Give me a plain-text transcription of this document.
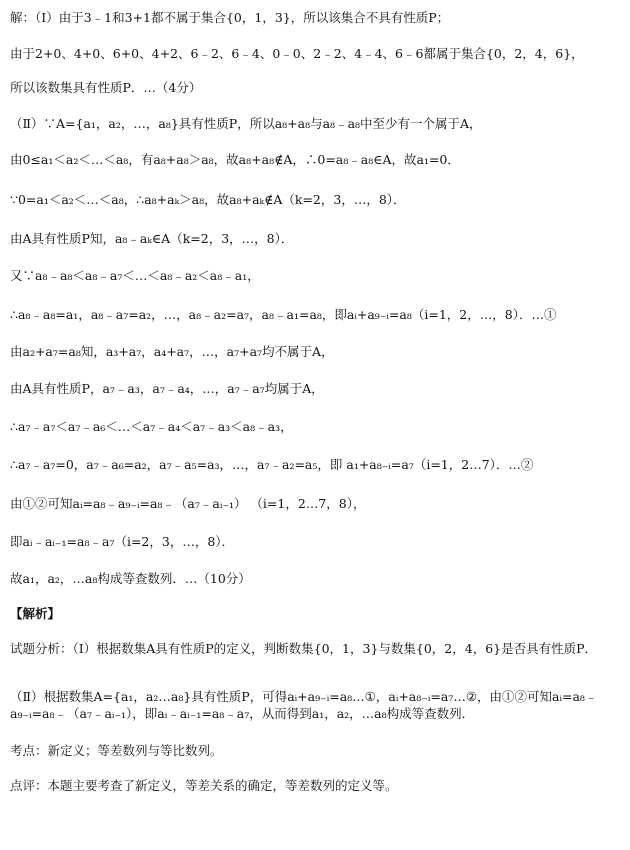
解：（Ⅰ）由于3﹣1和3+1都不属于集合{0，1，3}，所以该集合不具有性质P；
由于2+0、4+0、6+0、4+2、6﹣2、6﹣4、0﹣0、2﹣2、4﹣4、6﹣6都属于集合{0，2，4，6}，
所以该数集具有性质P．…（4分）
（Ⅱ）∵A={a₁，a₂，…，a₈}具有性质P，所以a₈+a₈与a₈﹣a₈中至少有一个属于A，
由0≤a₁＜a₂＜…＜a₈，有a₈+a₈＞a₈，故a₈+a₈∉A，∴0=a₈﹣a₈∈A，故a₁=0．
∵0=a₁＜a₂＜…＜a₈，∴a₈+aₖ＞a₈，故a₈+aₖ∉A（k=2，3，…，8）．
由A具有性质P知，a₈﹣aₖ∈A（k=2，3，…，8）．
又∵a₈﹣a₈＜a₈﹣a₇＜…＜a₈﹣a₂＜a₈﹣a₁，
∴a₈﹣a₈=a₁，a₈﹣a₇=a₂，…，a₈﹣a₂=a₇，a₈﹣a₁=a₈，即aᵢ+a₉₋ᵢ=a₈（i=1，2，…，8）．…①
由a₂+a₇=a₈知，a₃+a₇，a₄+a₇，…，a₇+a₇均不属于A，
由A具有性质P，a₇﹣a₃，a₇﹣a₄，…，a₇﹣a₇均属于A，
∴a₇﹣a₇＜a₇﹣a₆＜…＜a₇﹣a₄＜a₇﹣a₃＜a₈﹣a₃，
∴a₇﹣a₇=0，a₇﹣a₆=a₂，a₇﹣a₅=a₃，…，a₇﹣a₂=a₅，即 a₁+a₈₋ᵢ=a₇（i=1，2…7）．…②
由①②可知aᵢ=a₈﹣a₉₋ᵢ=a₈﹣（a₇﹣aᵢ₋₁） （i=1，2…7，8），
即aᵢ﹣aᵢ₋₁=a₈﹣a₇（i=2，3，…，8）．
故a₁，a₂，…a₈构成等查数列．…（10分）
【解析】
试题分析：（Ⅰ）根据数集A具有性质P的定义，判断数集{0，1，3}与数集{0，2，4，6}是否具有性质P．
（Ⅱ）根据数集A={a₁，a₂…a₈}具有性质P，可得aᵢ+a₉₋ᵢ=a₈…①，aᵢ+a₈₋ᵢ=a₇…②，由①②可知aᵢ=a₈﹣a₉₋ᵢ=a₈﹣（a₇﹣aᵢ₋₁），即aᵢ﹣aᵢ₋₁=a₈﹣a₇，从而得到a₁，a₂，…a₈构成等查数列．
考点：新定义；等差数列与等比数列。
点评：本题主要考查了新定义，等差关系的确定，等差数列的定义等。
